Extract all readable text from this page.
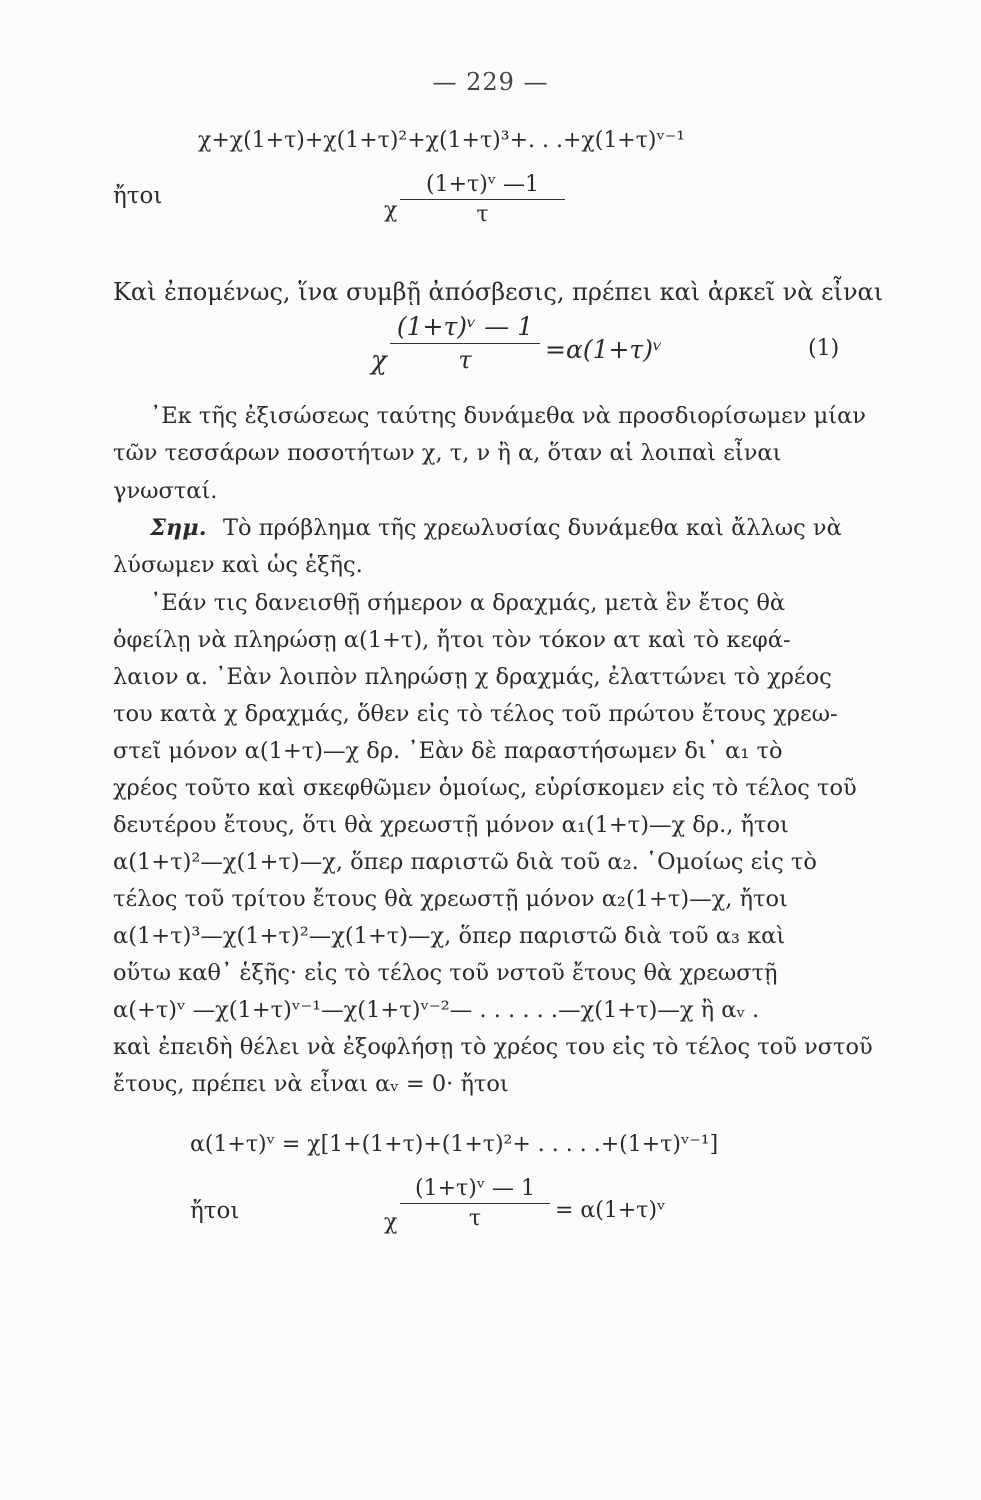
— 229 —
χ+χ(1+τ)+χ(1+τ)²+χ(1+τ)³+. . .+χ(1+τ)ᵛ⁻¹
ἤτοι
χ $\frac{\text{(1+τ)ᵛ —1}}{\tau}$
Καὶ ἐπομένως, ἵνα συμβῇ ἀπόσβεσις, πρέπει καὶ ἀρκεῖ νὰ εἶναι
χ $\frac{\text{(1+τ)ᵛ — 1}}{\tau}$ =α(1+τ)ᵛ	(1)
᾿Εκ τῆς ἐξισώσεως ταύτης δυνάμεθα νὰ προσδιορίσωμεν μίαν
τῶν τεσσάρων ποσοτήτων χ, τ, ν ἢ α, ὅταν αἱ λοιπαὶ εἶναι
γνωσταί.
Σημ. Τὸ πρόβλημα τῆς χρεωλυσίας δυνάμεθα καὶ ἄλλως νὰ
λύσωμεν καὶ ὡς ἑξῆς.
᾿Εάν τις δανεισθῇ σήμερον α δραχμάς, μετὰ ἓν ἔτος θὰ
ὀφείλῃ νὰ πληρώσῃ α(1+τ), ἤτοι τὸν τόκον ατ καὶ τὸ κεφά-
λαιον α. ᾿Εὰν λοιπὸν πληρώσῃ χ δραχμάς, ἐλαττώνει τὸ χρέος
του κατὰ χ δραχμάς, ὅθεν εἰς τὸ τέλος τοῦ πρώτου ἔτους χρεω-
στεῖ μόνον α(1+τ)—χ δρ. ᾿Εὰν δὲ παραστήσωμεν δι᾿ α₁ τὸ
χρέος τοῦτο καὶ σκεφθῶμεν ὁμοίως, εὑρίσκομεν εἰς τὸ τέλος τοῦ
δευτέρου ἔτους, ὅτι θὰ χρεωστῇ μόνον α₁(1+τ)—χ δρ., ἤτοι
α(1+τ)²—χ(1+τ)—χ, ὅπερ παριστῶ διὰ τοῦ α₂. ῾Ομοίως εἰς τὸ
τέλος τοῦ τρίτου ἔτους θὰ χρεωστῇ μόνον α₂(1+τ)—χ, ἤτοι
α(1+τ)³—χ(1+τ)²—χ(1+τ)—χ, ὅπερ παριστῶ διὰ τοῦ α₃ καὶ
οὕτω καθ᾿ ἑξῆς· εἰς τὸ τέλος τοῦ νστοῦ ἔτους θὰ χρεωστῇ
α(+τ)ᵛ —χ(1+τ)ᵛ⁻¹—χ(1+τ)ᵛ⁻²— . . . . . .—χ(1+τ)—χ ἢ αᵥ .
καὶ ἐπειδὴ θέλει νὰ ἐξοφλήσῃ τὸ χρέος του εἰς τὸ τέλος τοῦ νστοῦ
ἔτους, πρέπει νὰ εἶναι αᵥ = 0· ἤτοι
α(1+τ)ᵛ = χ[1+(1+τ)+(1+τ)²+ . . . . .+(1+τ)ᵛ⁻¹]
ἤτοι	χ $\frac{\text{(1+τ)ᵛ — 1}}{\tau}$ = α(1+τ)ᵛ
